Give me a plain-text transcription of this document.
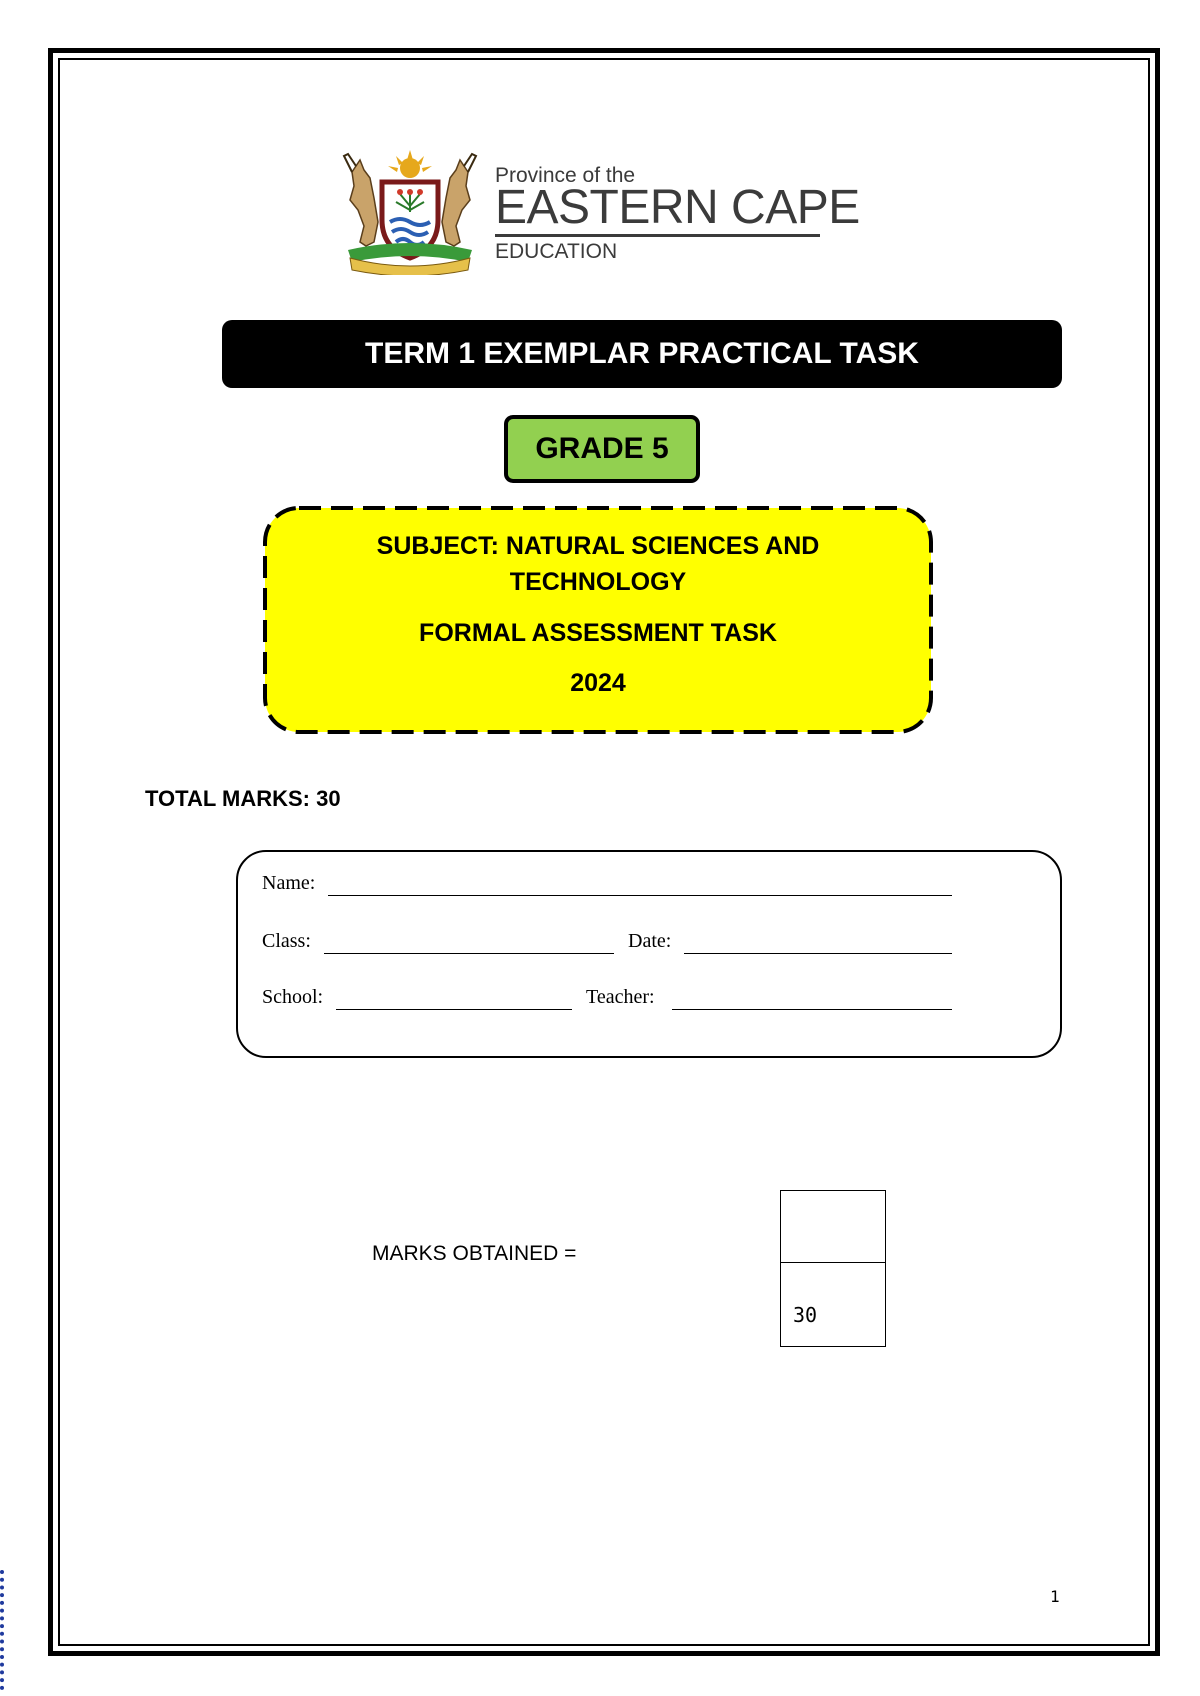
Province of the
EASTERN CAPE
EDUCATION
TERM 1 EXEMPLAR PRACTICAL TASK
GRADE 5
SUBJECT: NATURAL SCIENCES AND
TECHNOLOGY
FORMAL ASSESSMENT TASK
2024
TOTAL MARKS: 30
Name:
Class:	Date:
School:	Teacher:
MARKS OBTAINED =
30
1
